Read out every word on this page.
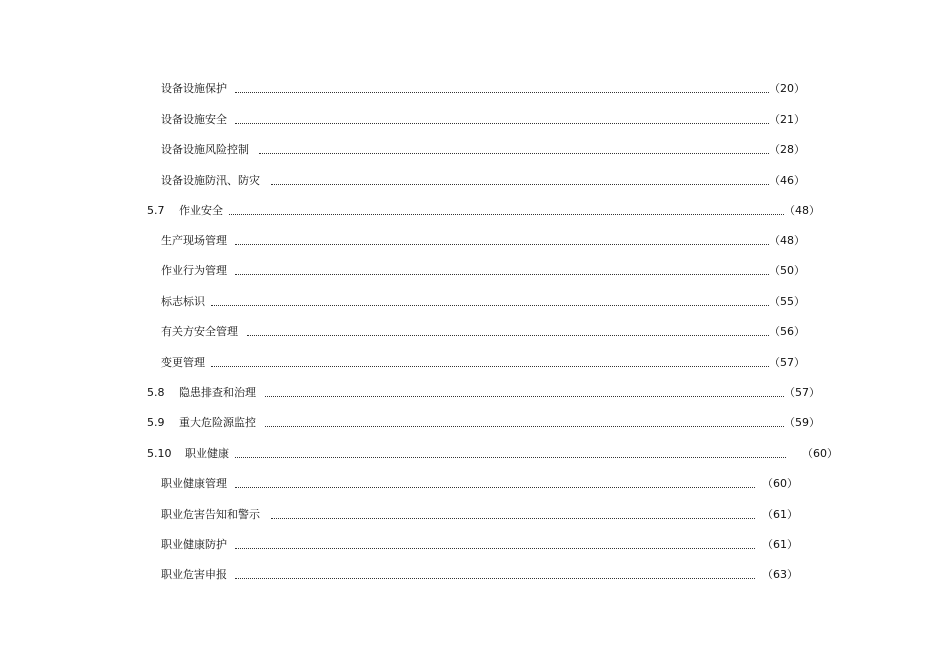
设备设施保护	（20）
设备设施安全	（21）
设备设施风险控制	（28）
设备设施防汛、防灾	（46）
5.7 作业安全	（48）
生产现场管理	（48）
作业行为管理	（50）
标志标识	（55）
有关方安全管理	（56）
变更管理	（57）
5.8 隐患排查和治理	（57）
5.9 重大危险源监控	（59）
5.10 职业健康	（60）
职业健康管理	（60）
职业危害告知和警示	（61）
职业健康防护	（61）
职业危害申报	（63）
